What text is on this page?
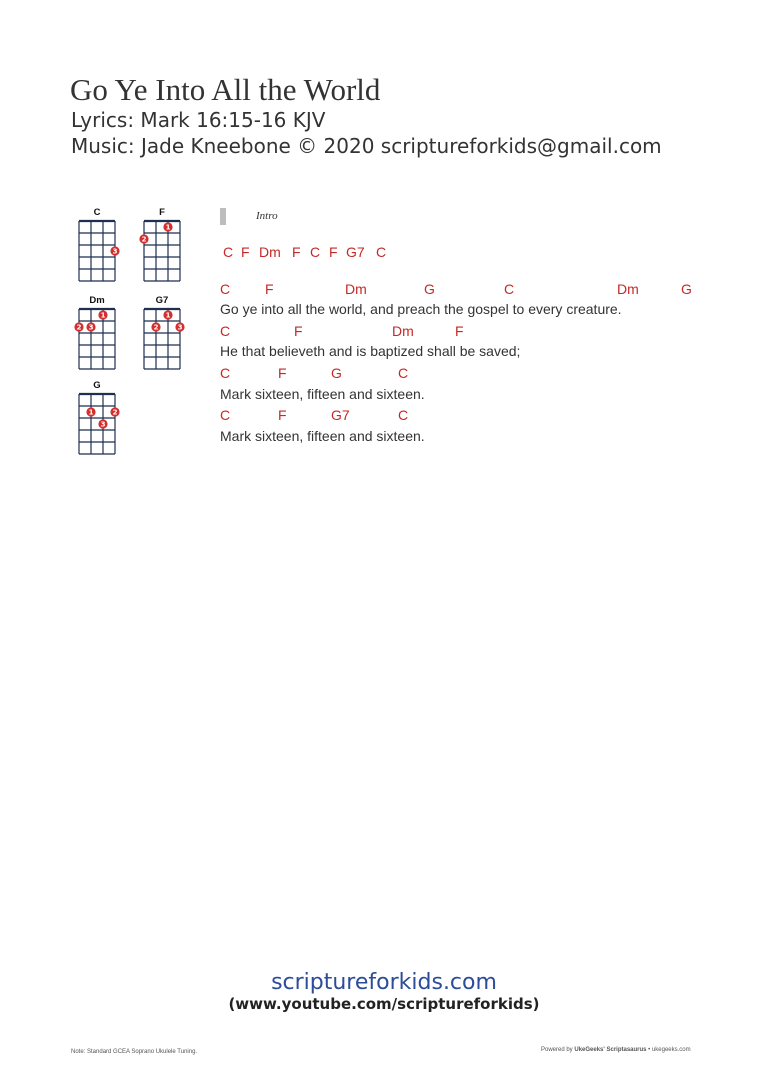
Go Ye Into All the World
Lyrics: Mark 16:15-16 KJV
Music: Jade Kneebone © 2020 scriptureforkids@gmail.com
C
3
F
1
2
Dm
1
2 3
G7
1
2	3
G
1	2
3
Intro
C F Dm F C F G7 C
C F	Dm	G	C	Dm	G
Go ye into all the world, and preach the gospel to every creature.
C	F	Dm	F
He that believeth and is baptized shall be saved;
C	F	G	C
Mark sixteen, fifteen and sixteen.
C	F	G7	C
Mark sixteen, fifteen and sixteen.
scriptureforkids.com
(www.youtube.com/scriptureforkids)
Note: Standard GCEA Soprano Ukulele Tuning.	Powered by UkeGeeks' Scriptasaurus • ukegeeks.com
